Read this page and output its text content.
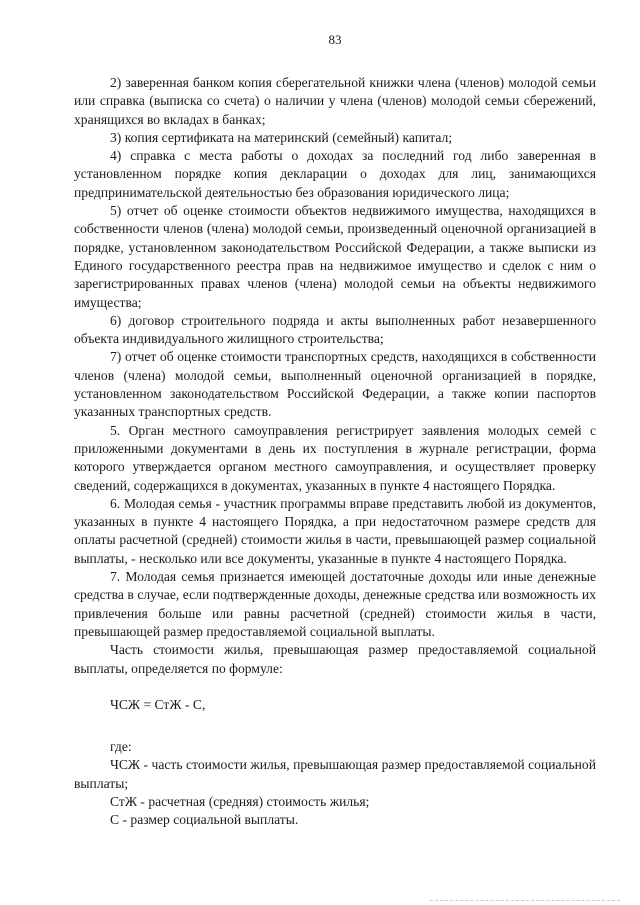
83

2) заверенная банком копия сберегательной книжки члена (членов) молодой семьи или справка (выписка со счета) о наличии у члена (членов) молодой семьи сбережений, хранящихся во вкладах в банках;

3) копия сертификата на материнский (семейный) капитал;

4) справка с места работы о доходах за последний год либо заверенная в установленном порядке копия декларации о доходах для лиц, занимающихся предпринимательской деятельностью без образования юридического лица;

5) отчет об оценке стоимости объектов недвижимого имущества, находящихся в собственности членов (члена) молодой семьи, произведенный оценочной организацией в порядке, установленном законодательством Российской Федерации, а также выписки из Единого государственного реестра прав на недвижимое имущество и сделок с ним о зарегистрированных правах членов (члена) молодой семьи на объекты недвижимого имущества;

6) договор строительного подряда и акты выполненных работ незавершенного объекта индивидуального жилищного строительства;

7) отчет об оценке стоимости транспортных средств, находящихся в собственности членов (члена) молодой семьи, выполненный оценочной организацией в порядке, установленном законодательством Российской Федерации, а также копии паспортов указанных транспортных средств.

5. Орган местного самоуправления регистрирует заявления молодых семей с приложенными документами в день их поступления в журнале регистрации, форма которого утверждается органом местного самоуправления, и осуществляет проверку сведений, содержащихся в документах, указанных в пункте 4 настоящего Порядка.

6. Молодая семья - участник программы вправе представить любой из документов, указанных в пункте 4 настоящего Порядка, а при недостаточном размере средств для оплаты расчетной (средней) стоимости жилья в части, превышающей размер социальной выплаты, - несколько или все документы, указанные в пункте 4 настоящего Порядка.

7. Молодая семья признается имеющей достаточные доходы или иные денежные средства в случае, если подтвержденные доходы, денежные средства или возможность их привлечения больше или равны расчетной (средней) стоимости жилья в части, превышающей размер предоставляемой социальной выплаты.

Часть стоимости жилья, превышающая размер предоставляемой социальной выплаты, определяется по формуле:

ЧСЖ = СтЖ - С,
где:

ЧСЖ - часть стоимости жилья, превышающая размер предоставляемой социальной выплаты;

СтЖ - расчетная (средняя) стоимость жилья;

С - размер социальной выплаты.
